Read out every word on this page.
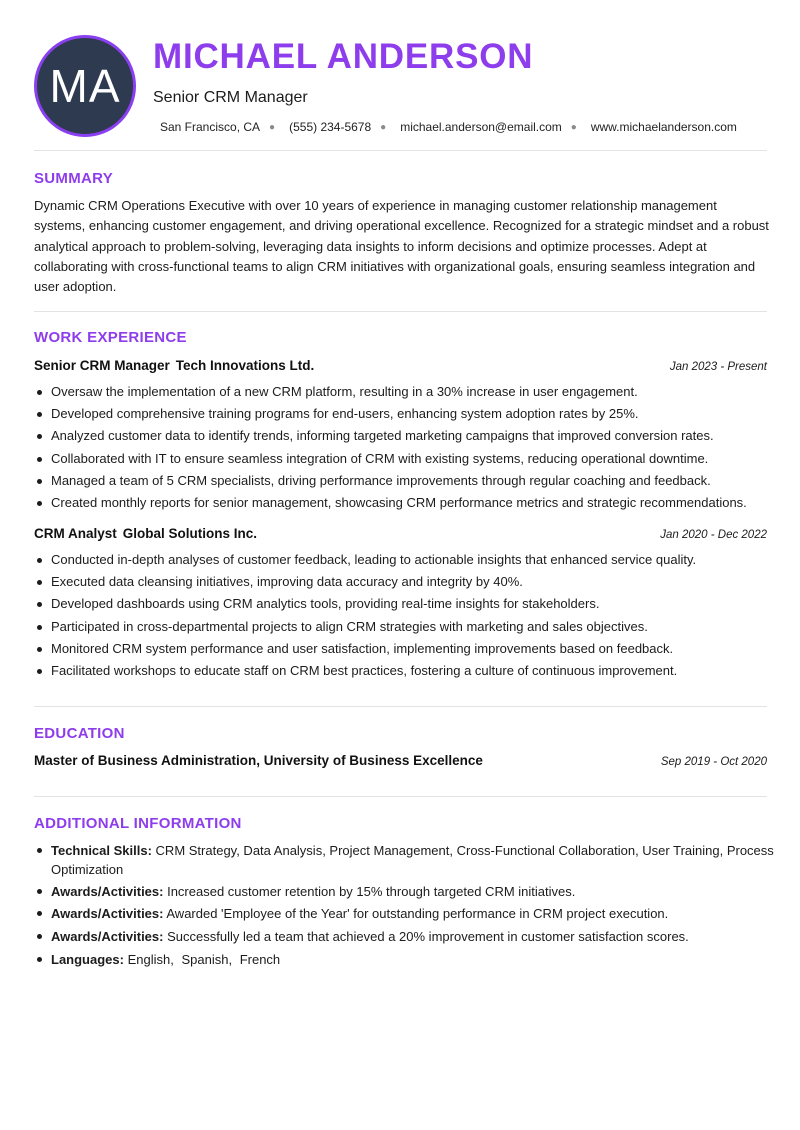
MA
MICHAEL ANDERSON
Senior CRM Manager
San Francisco, CA ● (555) 234-5678 ● michael.anderson@email.com ● www.michaelanderson.com
SUMMARY

Dynamic CRM Operations Executive with over 10 years of experience in managing customer relationship management systems, enhancing customer engagement, and driving operational excellence. Recognized for a strategic mindset and a robust analytical approach to problem-solving, leveraging data insights to inform decisions and optimize processes. Adept at collaborating with cross-functional teams to align CRM initiatives with organizational goals, ensuring seamless integration and user adoption.

WORK EXPERIENCE
Senior CRM Manager Tech Innovations Ltd.	Jan 2023 - Present
Oversaw the implementation of a new CRM platform, resulting in a 30% increase in user engagement.
Developed comprehensive training programs for end-users, enhancing system adoption rates by 25%.
Analyzed customer data to identify trends, informing targeted marketing campaigns that improved conversion rates.
Collaborated with IT to ensure seamless integration of CRM with existing systems, reducing operational downtime.
Managed a team of 5 CRM specialists, driving performance improvements through regular coaching and feedback.
Created monthly reports for senior management, showcasing CRM performance metrics and strategic recommendations.
CRM Analyst Global Solutions Inc.	Jan 2020 - Dec 2022
Conducted in-depth analyses of customer feedback, leading to actionable insights that enhanced service quality.
Executed data cleansing initiatives, improving data accuracy and integrity by 40%.
Developed dashboards using CRM analytics tools, providing real-time insights for stakeholders.
Participated in cross-departmental projects to align CRM strategies with marketing and sales objectives.
Monitored CRM system performance and user satisfaction, implementing improvements based on feedback.
Facilitated workshops to educate staff on CRM best practices, fostering a culture of continuous improvement.
EDUCATION
Master of Business Administration, University of Business Excellence	Sep 2019 - Oct 2020
ADDITIONAL INFORMATION
Technical Skills: CRM Strategy, Data Analysis, Project Management, Cross-Functional Collaboration, User Training, Process Optimization
Awards/Activities: Increased customer retention by 15% through targeted CRM initiatives.
Awards/Activities: Awarded 'Employee of the Year' for outstanding performance in CRM project execution.
Awards/Activities: Successfully led a team that achieved a 20% improvement in customer satisfaction scores.
Languages: English, Spanish, French
